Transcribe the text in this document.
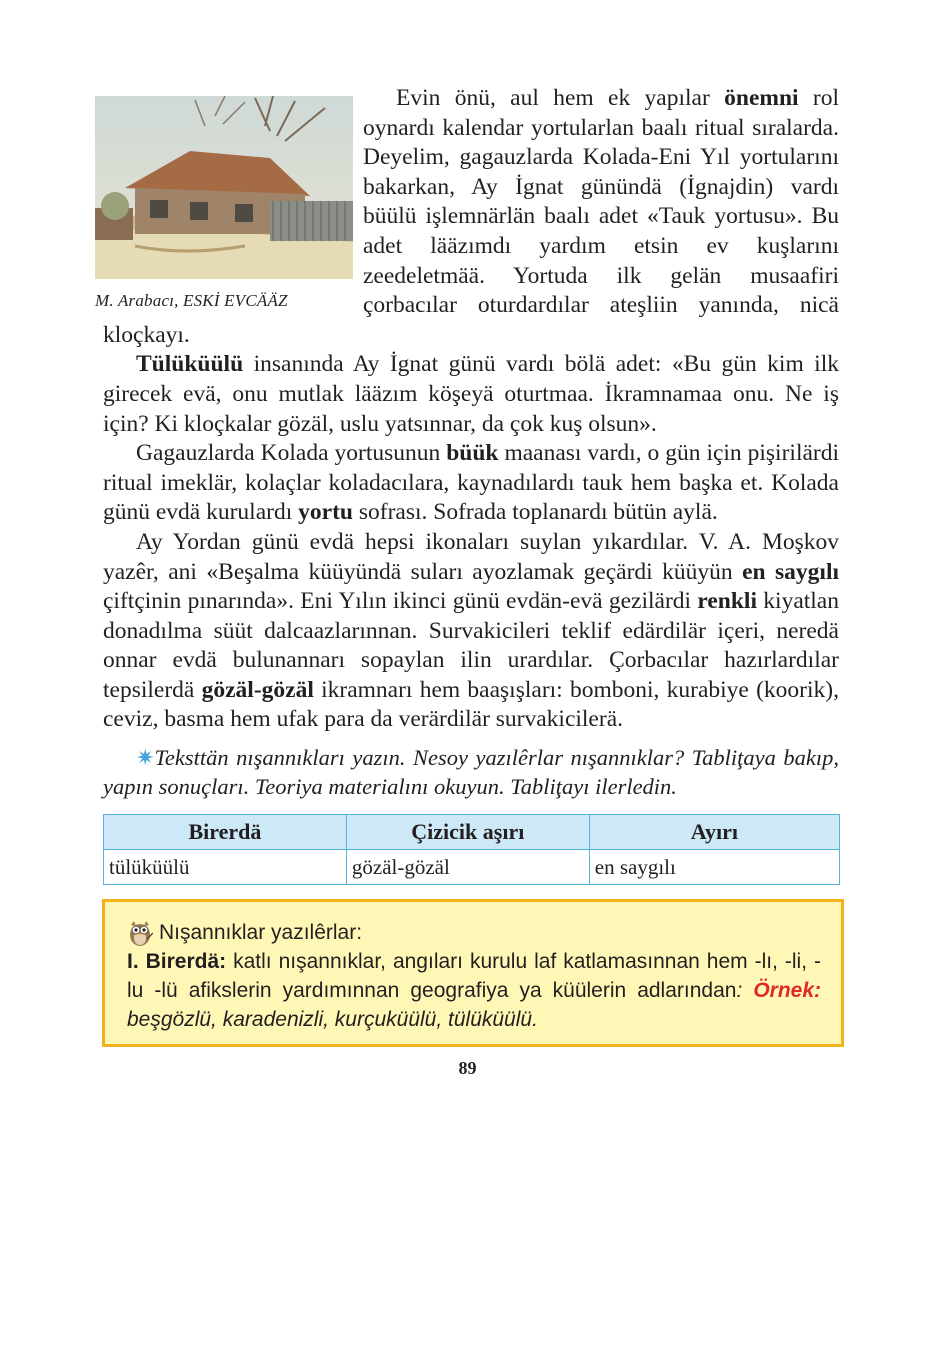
M. Arabacı, ESKİ EVCÄÄZ

Evin önü, aul hem ek yapılar önemni rol oynardı kalendar yortularlan baalı ritual sıralarda. Deyelim, gagauzlarda Kolada-Eni Yıl yortularını bakarkan, Ay İgnat günündä (İgnajdin) vardı büülü işlemnärlän baalı adet «Tauk yortusu». Bu adet lääzımdı yardım etsin ev kuşlarını zeedeletmää. Yortuda ilk gelän musaafiri çorbacılar oturdardılar ateşliin yanında, nicä kloçkayı.

Tülüküülü insanında Ay İgnat günü vardı bölä adet: «Bu gün kim ilk girecek evä, onu mutlak lääzım köşeyä oturtmaa. İkramnamaa onu. Ne iş için? Ki kloçkalar gözäl, uslu yatsınnar, da çok kuş olsun».

Gagauzlarda Kolada yortusunun büük maanası vardı, o gün için pişirilärdi ritual imeklär, kolaçlar koladacılara, kaynadılardı tauk hem başka et. Kolada günü evdä kurulardı yortu sofrası. Sofrada toplanardı bütün aylä.

Ay Yordan günü evdä hepsi ikonaları suylan yıkardılar. V. A. Moşkov yazêr, ani «Beşalma küüyündä suları ayozlamak geçärdi küüyün en saygılı çiftçinin pınarında». Eni Yılın ikinci günü evdän-evä gezilärdi renkli kiyatlan donadılma süüt dalcaazlarınnan. Survakicileri teklif edärdilär içeri, neredä onnar evdä bulunannarı sopaylan ilin urardılar. Çorbacılar hazırlardılar tepsilerdä gözäl-gözäl ikramnarı hem baaşışları: bomboni, kurabiye (koorik), ceviz, basma hem ufak para da verärdilär survakicilerä.

✷Teksttän nışannıkları yazın. Nesoy yazılêrlar nışannıklar? Tabliţaya bakıp, yapın sonuçları. Teoriya materialını okuyun. Tabliţayı ilerledin.
Birerdä	Çizicik aşırı	Ayırı
tülüküülü	gözäl-gözäl	en saygılı
Nışannıklar yazılêrlar:
I. Birerdä: katlı nışannıklar, angıları kurulu laf katlamasınnan hem -lı, -li, -lu -lü afikslerin yardımınnan geografiya ya küülerin adlarından: Örnek: beşgözlü, karadenizli, kurçuküülü, tülüküülü.
89
